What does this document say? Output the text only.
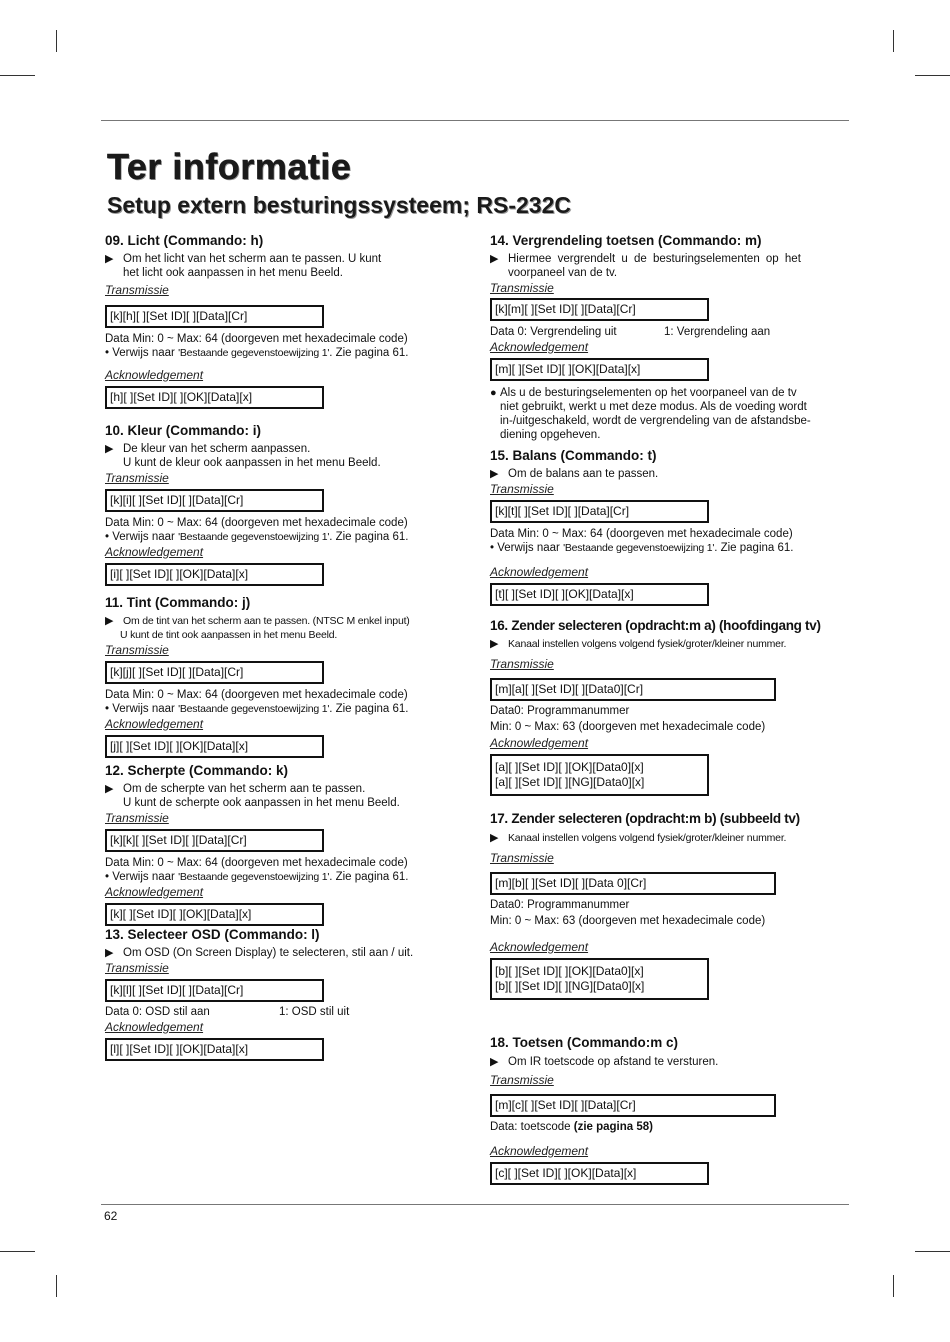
Ter informatie
Setup extern besturingssysteem; RS-232C
09. Licht (Commando: h)
▶ Om het licht van het scherm aan te passen. U kunt
het licht ook aanpassen in het menu Beeld.
Transmissie
[k][h][ ][Set ID][ ][Data][Cr]
Data Min: 0 ~ Max: 64 (doorgeven met hexadecimale code)
• Verwijs naar 'Bestaande gegevenstoewijzing 1'. Zie pagina 61.
Acknowledgement
[h][ ][Set ID][ ][OK][Data][x]
10. Kleur (Commando: i)
▶ De kleur van het scherm aanpassen.
U kunt de kleur ook aanpassen in het menu Beeld.
Transmissie
[k][i][ ][Set ID][ ][Data][Cr]
Data Min: 0 ~ Max: 64 (doorgeven met hexadecimale code)
• Verwijs naar 'Bestaande gegevenstoewijzing 1'. Zie pagina 61.
Acknowledgement
[i][ ][Set ID][ ][OK][Data][x]
11. Tint (Commando: j)
▶ Om de tint van het scherm aan te passen. (NTSC M enkel input)
U kunt de tint ook aanpassen in het menu Beeld.
Transmissie
[k][j][ ][Set ID][ ][Data][Cr]
Data Min: 0 ~ Max: 64 (doorgeven met hexadecimale code)
• Verwijs naar 'Bestaande gegevenstoewijzing 1'. Zie pagina 61.
Acknowledgement
[j][ ][Set ID][ ][OK][Data][x]
12. Scherpte (Commando: k)
▶ Om de scherpte van het scherm aan te passen.
U kunt de scherpte ook aanpassen in het menu Beeld.
Transmissie
[k][k][ ][Set ID][ ][Data][Cr]
Data Min: 0 ~ Max: 64 (doorgeven met hexadecimale code)
• Verwijs naar 'Bestaande gegevenstoewijzing 1'. Zie pagina 61.
Acknowledgement
[k][ ][Set ID][ ][OK][Data][x]
13. Selecteer OSD (Commando: l)
▶ Om OSD (On Screen Display) te selecteren, stil aan / uit.
Transmissie
[k][l][ ][Set ID][ ][Data][Cr]
Data 0: OSD stil aan	1: OSD stil uit
Acknowledgement
[l][ ][Set ID][ ][OK][Data][x]
14. Vergrendeling toetsen (Commando: m)
▶ Hiermee vergrendelt u de besturingselementen op het
voorpaneel van de tv.
Transmissie
[k][m][ ][Set ID][ ][Data][Cr]
Data 0: Vergrendeling uit	1: Vergrendeling aan
Acknowledgement
[m][ ][Set ID][ ][OK][Data][x]
● Als u de besturingselementen op het voorpaneel van de tv
niet gebruikt, werkt u met deze modus. Als de voeding wordt
in-/uitgeschakeld, wordt de vergrendeling van de afstandsbe-
diening opgeheven.
15. Balans (Commando: t)
▶ Om de balans aan te passen.
Transmissie
[k][t][ ][Set ID][ ][Data][Cr]
Data Min: 0 ~ Max: 64 (doorgeven met hexadecimale code)
• Verwijs naar 'Bestaande gegevenstoewijzing 1'. Zie pagina 61.
Acknowledgement
[t][ ][Set ID][ ][OK][Data][x]
16. Zender selecteren (opdracht:m a) (hoofdingang tv)
▶ Kanaal instellen volgens volgend fysiek/groter/kleiner nummer.
Transmissie
[m][a][ ][Set ID][ ][Data0][Cr]
Data0: Programmanummer
Min: 0 ~ Max: 63 (doorgeven met hexadecimale code)
Acknowledgement
[a][ ][Set ID][ ][OK][Data0][x]
[a][ ][Set ID][ ][NG][Data0][x]
17. Zender selecteren (opdracht:m b) (subbeeld tv)
▶ Kanaal instellen volgens volgend fysiek/groter/kleiner nummer.
Transmissie
[m][b][ ][Set ID][ ][Data 0][Cr]
Data0: Programmanummer
Min: 0 ~ Max: 63 (doorgeven met hexadecimale code)
Acknowledgement
[b][ ][Set ID][ ][OK][Data0][x]
[b][ ][Set ID][ ][NG][Data0][x]
18. Toetsen (Commando:m c)
▶ Om IR toetscode op afstand te versturen.
Transmissie
[m][c][ ][Set ID][ ][Data][Cr]
Data: toetscode (zie pagina 58)
Acknowledgement
[c][ ][Set ID][ ][OK][Data][x]
62
